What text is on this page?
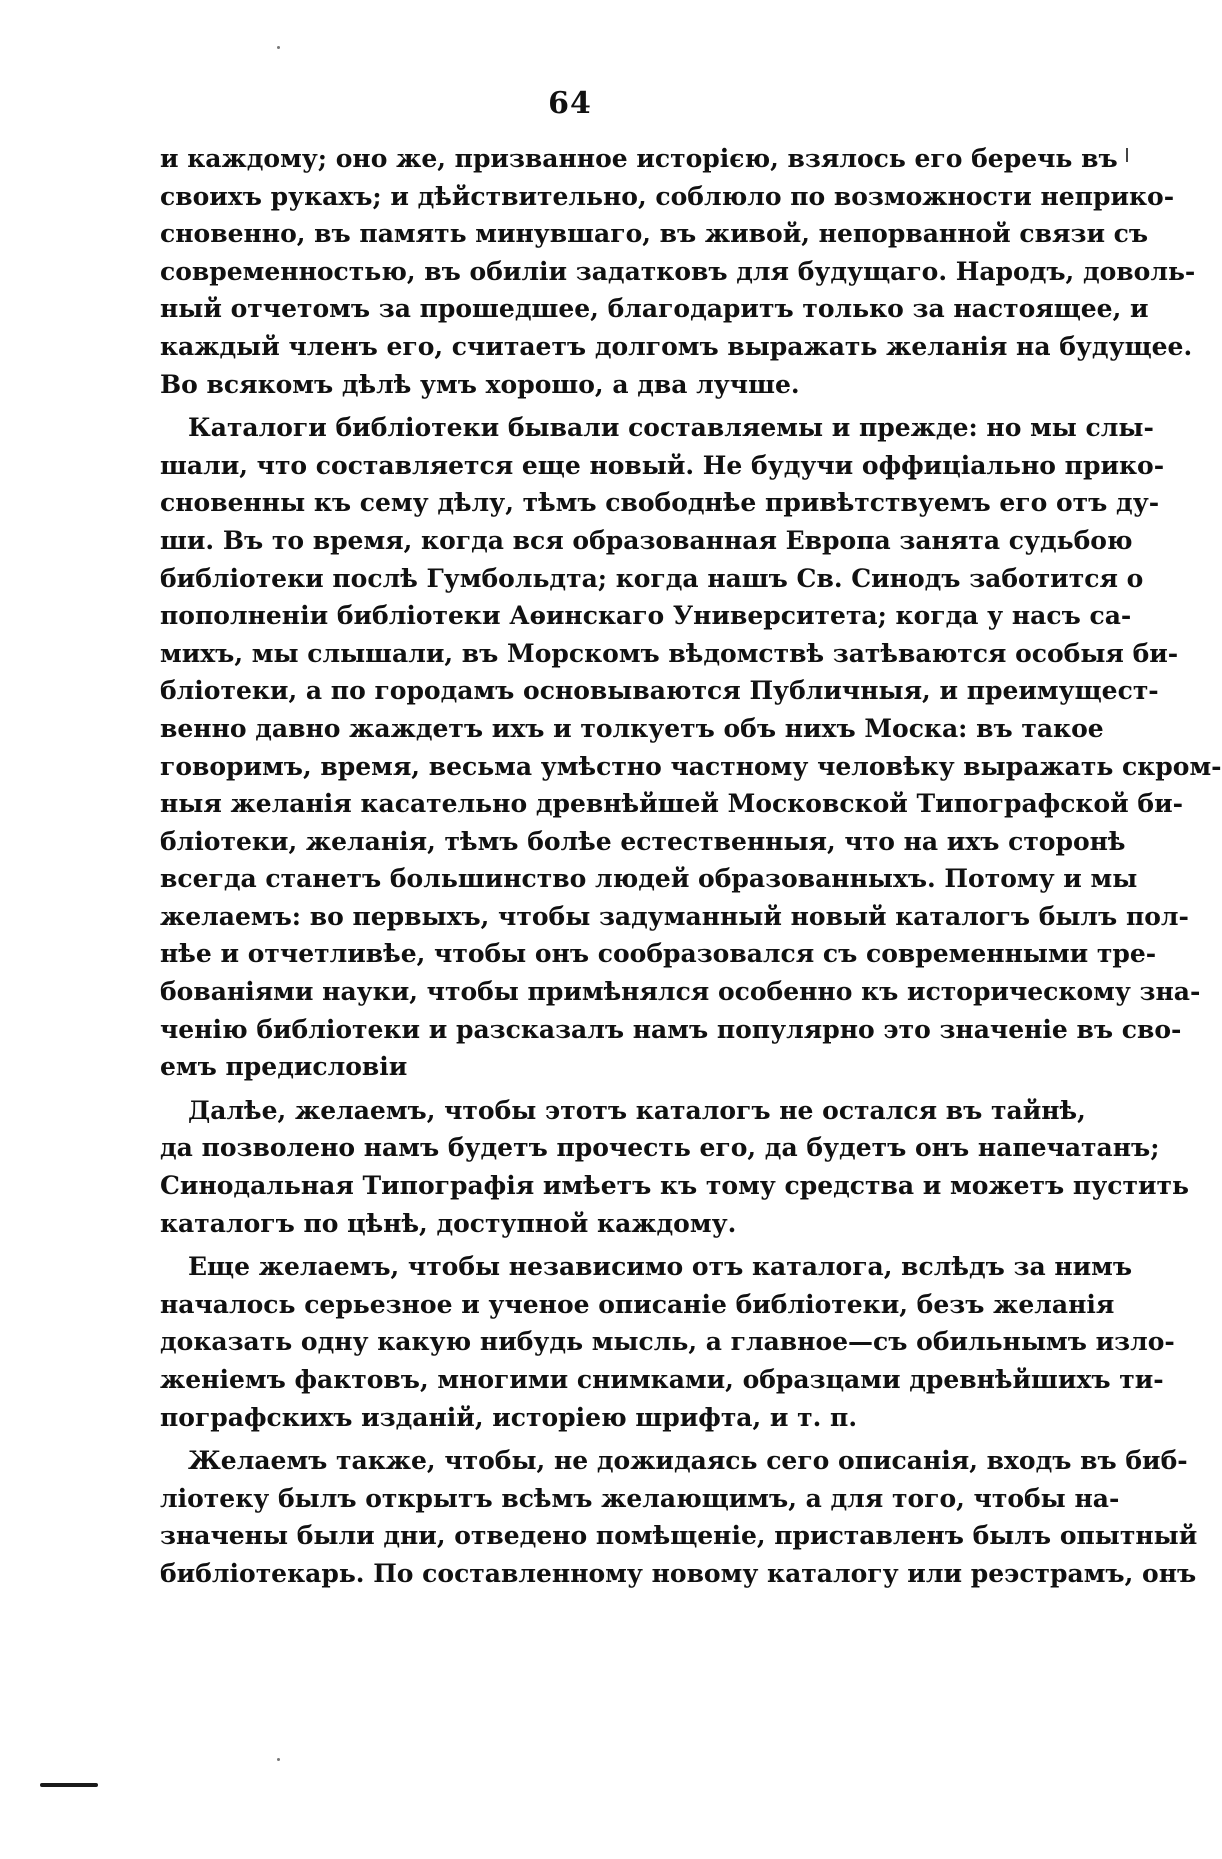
64
и каждому; оно же, призванное исторією, взялось его беречь въ
своихъ рукахъ; и дѣйствительно, соблюло по возможности неприко-
сновенно, въ память минувшаго, въ живой, непорванной связи съ
современностью, въ обиліи задатковъ для будущаго. Народъ, доволь-
ный отчетомъ за прошедшее, благодаритъ только за настоящее, и
каждый членъ его, считаетъ долгомъ выражать желанія на будущее.
Во всякомъ дѣлѣ умъ хорошо, а два лучше.
Каталоги библіотеки бывали составляемы и прежде: но мы слы-
шали, что составляется еще новый. Не будучи оффиціально прико-
сновенны къ сему дѣлу, тѣмъ свободнѣе привѣтствуемъ его отъ ду-
ши. Въ то время, когда вся образованная Европа занята судьбою
библіотеки послѣ Гумбольдта; когда нашъ Св. Синодъ заботится о
пополненіи библіотеки Аѳинскаго Университета; когда у насъ са-
михъ, мы слышали, въ Морскомъ вѣдомствѣ затѣваются особыя би-
бліотеки, а по городамъ основываются Публичныя, и преимущест-
венно давно жаждетъ ихъ и толкуетъ объ нихъ Моска: въ такое
говоримъ, время, весьма умѣстно частному человѣку выражать скром-
ныя желанія касательно древнѣйшей Московской Типографской би-
бліотеки, желанія, тѣмъ болѣе естественныя, что на ихъ сторонѣ
всегда станетъ большинство людей образованныхъ. Потому и мы
желаемъ: во первыхъ, чтобы задуманный новый каталогъ былъ пол-
нѣе и отчетливѣе, чтобы онъ сообразовался съ современными тре-
бованіями науки, чтобы примѣнялся особенно къ историческому зна-
ченію библіотеки и разсказалъ намъ популярно это значеніе въ сво-
емъ предисловіи
Далѣе, желаемъ, чтобы этотъ каталогъ не остался въ тайнѣ,
да позволено намъ будетъ прочесть его, да будетъ онъ напечатанъ;
Синодальная Типографія имѣетъ къ тому средства и можетъ пустить
каталогъ по цѣнѣ, доступной каждому.
Еще желаемъ, чтобы независимо отъ каталога, вслѣдъ за нимъ
началось серьезное и ученое описаніе библіотеки, безъ желанія
доказать одну какую нибудь мысль, а главное—съ обильнымъ изло-
женіемъ фактовъ, многими снимками, образцами древнѣйшихъ ти-
пографскихъ изданій, исторіею шрифта, и т. п.
Желаемъ также, чтобы, не дожидаясь сего описанія, входъ въ биб-
ліотеку былъ открытъ всѣмъ желающимъ, а для того, чтобы на-
значены были дни, отведено помѣщеніе, приставленъ былъ опытный
библіотекарь. По составленному новому каталогу или реэстрамъ, онъ
